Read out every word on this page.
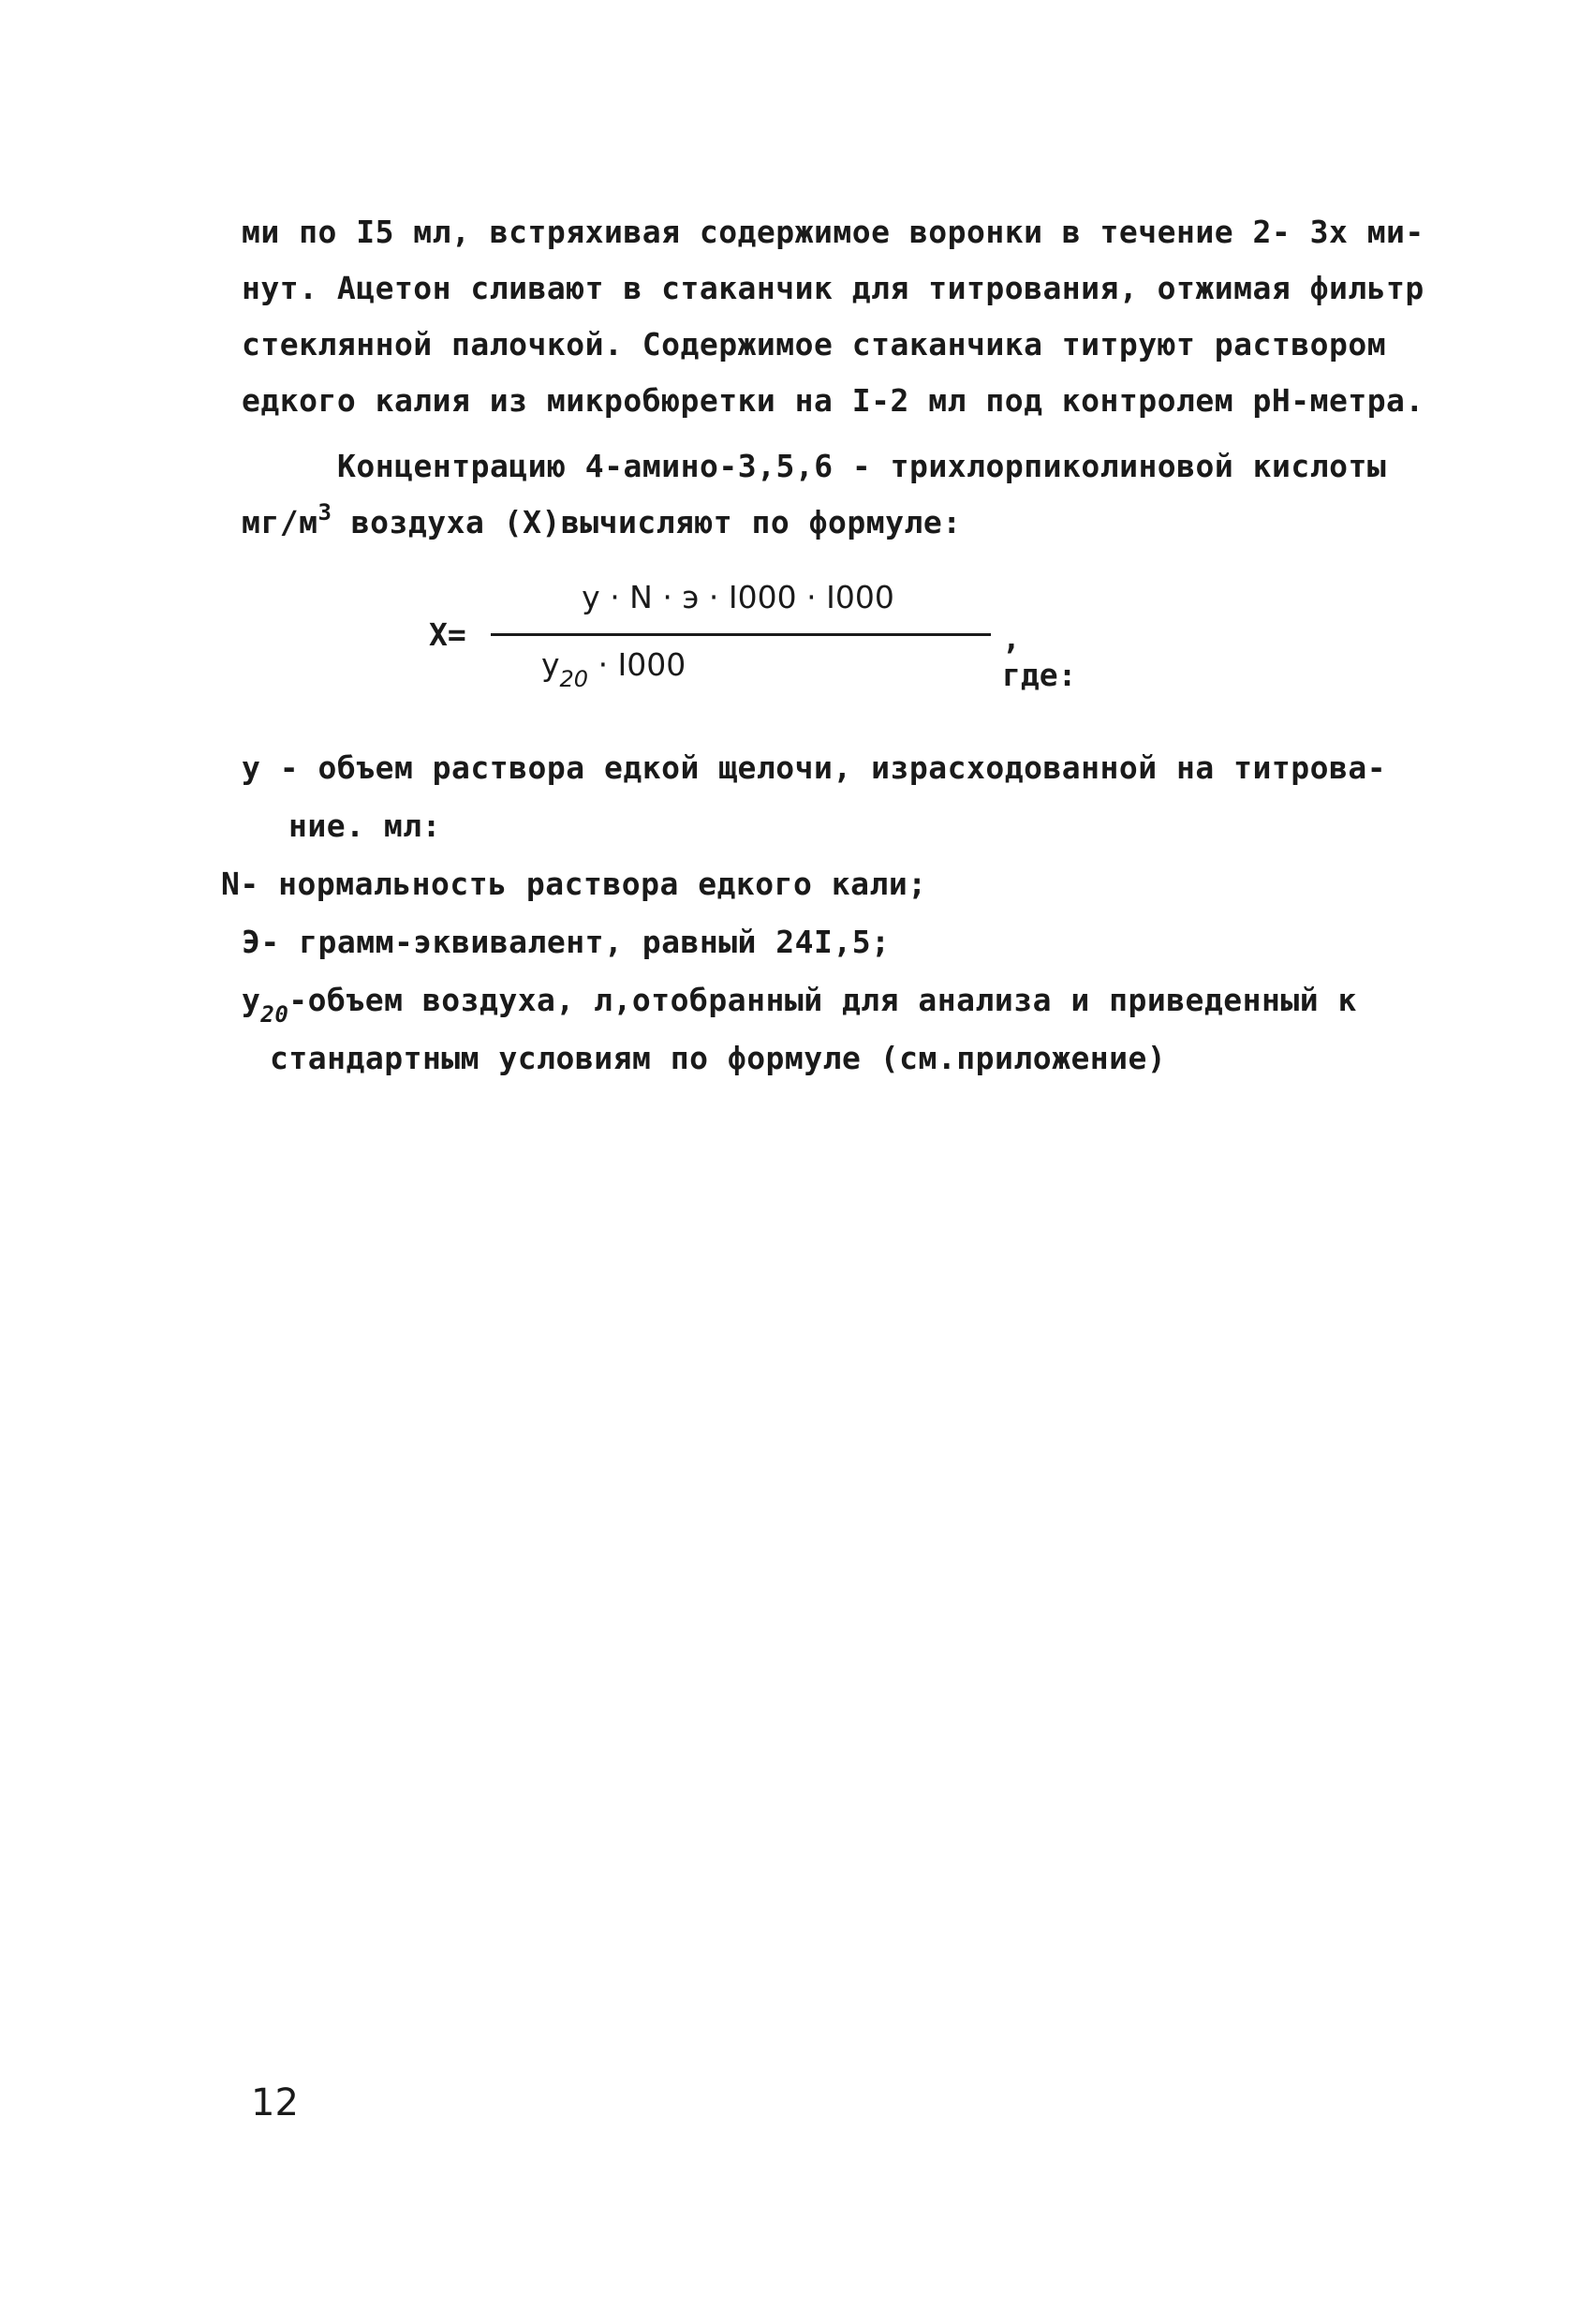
ми по I5 мл, встряхивая содержимое воронки в течение 2- 3х ми-
нут. Ацетон сливают в стаканчик для титрования, отжимая фильтр
стеклянной палочкой. Содержимое стаканчика титруют раствором
едкого калия из микробюретки на I-2 мл под контролем pH-метра.
Концентрацию 4-амино-3,5,6 - трихлорпиколиновой кислоты
$мг/м^3$ воздуха (X)вычисляют по формуле:
X=
у · N · э · I000 · I000
$у_{20} \cdot I000$
, где:
у - объем раствора едкой щелочи, израсходованной на титрова-
ние. мл:
N- нормальность раствора едкого кали;
Э- грамм-эквивалент, равный 24I,5;
$у_{20}$-объем воздуха, л,отобранный для анализа и приведенный к
стандартным условиям по формуле (см.приложение)
12
